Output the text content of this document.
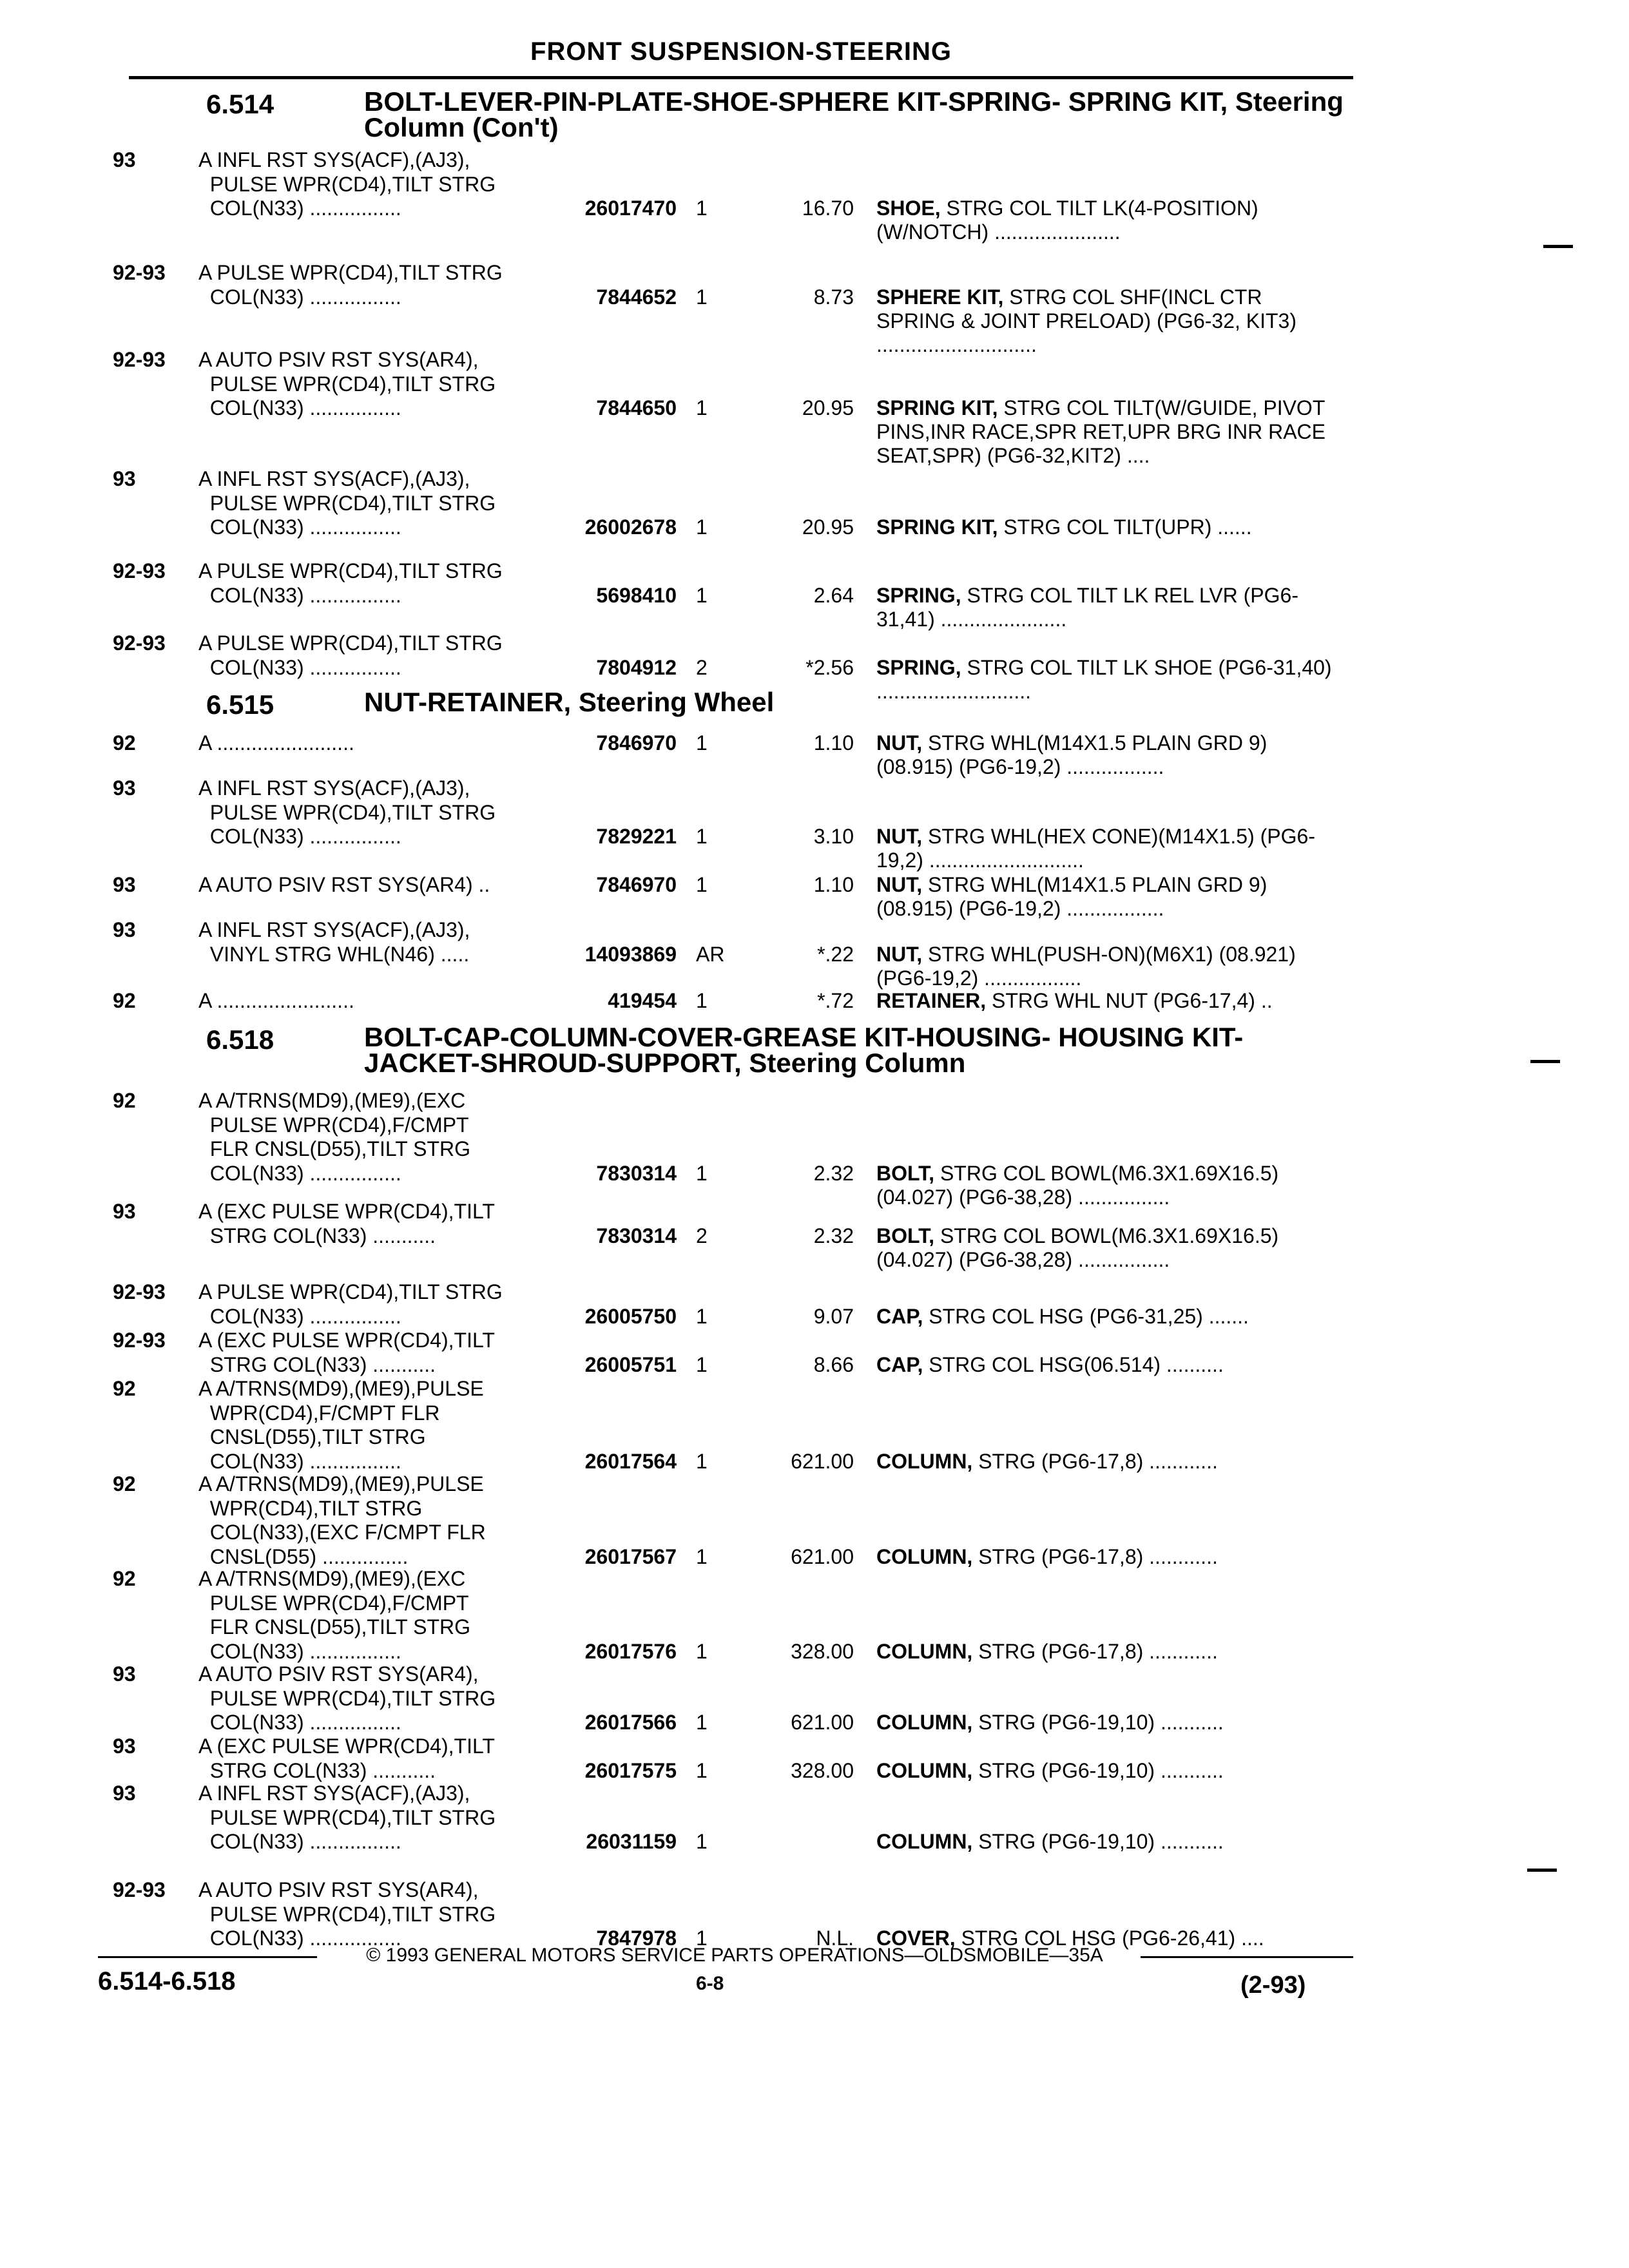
FRONT SUSPENSION-STEERING
6.514	BOLT-LEVER-PIN-PLATE-SHOE-SPHERE KIT-SPRING- SPRING KIT, Steering Column (Con't)
93	A INFL RST SYS(ACF),(AJ3),
PULSE WPR(CD4),TILT STRG
COL(N33) ................	26017470 1	16.70 SHOE, STRG COL TILT LK(4-POSITION) (W/NOTCH) ......................
92-93	A PULSE WPR(CD4),TILT STRG
COL(N33) ................	7844652 1	8.73 SPHERE KIT, STRG COL SHF(INCL CTR SPRING & JOINT PRELOAD) (PG6-32, KIT3) ............................
92-93	A AUTO PSIV RST SYS(AR4),
PULSE WPR(CD4),TILT STRG
COL(N33) ................	7844650 1	20.95 SPRING KIT, STRG COL TILT(W/GUIDE, PIVOT PINS,INR RACE,SPR RET,UPR BRG INR RACE SEAT,SPR) (PG6-32,KIT2) ....
93	A INFL RST SYS(ACF),(AJ3),
PULSE WPR(CD4),TILT STRG
COL(N33) ................	26002678 1	20.95 SPRING KIT, STRG COL TILT(UPR) ......
92-93	A PULSE WPR(CD4),TILT STRG
COL(N33) ................	5698410 1	2.64 SPRING, STRG COL TILT LK REL LVR (PG6-31,41) ......................
92-93	A PULSE WPR(CD4),TILT STRG
COL(N33) ................	7804912 2	*2.56 SPRING, STRG COL TILT LK SHOE (PG6-31,40) ...........................
6.515	NUT-RETAINER, Steering Wheel
92	A ........................	7846970 1	1.10 NUT, STRG WHL(M14X1.5 PLAIN GRD 9) (08.915) (PG6-19,2) .................
93	A INFL RST SYS(ACF),(AJ3),
PULSE WPR(CD4),TILT STRG
COL(N33) ................	7829221 1	3.10 NUT, STRG WHL(HEX CONE)(M14X1.5) (PG6-19,2) ...........................
93	A AUTO PSIV RST SYS(AR4) ..	7846970 1	1.10 NUT, STRG WHL(M14X1.5 PLAIN GRD 9) (08.915) (PG6-19,2) .................
93	A INFL RST SYS(ACF),(AJ3),
VINYL STRG WHL(N46) .....	14093869 AR	*.22 NUT, STRG WHL(PUSH-ON)(M6X1) (08.921) (PG6-19,2) .................
92	A ........................	419454 1	*.72 RETAINER, STRG WHL NUT (PG6-17,4) ..
6.518	BOLT-CAP-COLUMN-COVER-GREASE KIT-HOUSING- HOUSING KIT-JACKET-SHROUD-SUPPORT, Steering Column
92	A A/TRNS(MD9),(ME9),(EXC
PULSE WPR(CD4),F/CMPT
FLR CNSL(D55),TILT STRG
COL(N33) ................	7830314 1	2.32 BOLT, STRG COL BOWL(M6.3X1.69X16.5) (04.027) (PG6-38,28) ................
93	A (EXC PULSE WPR(CD4),TILT
STRG COL(N33) ...........	7830314 2	2.32 BOLT, STRG COL BOWL(M6.3X1.69X16.5) (04.027) (PG6-38,28) ................
92-93	A PULSE WPR(CD4),TILT STRG
COL(N33) ................	26005750 1	9.07 CAP, STRG COL HSG (PG6-31,25) .......
92-93	A (EXC PULSE WPR(CD4),TILT
STRG COL(N33) ...........	26005751 1	8.66 CAP, STRG COL HSG(06.514) ..........
92	A A/TRNS(MD9),(ME9),PULSE
WPR(CD4),F/CMPT FLR
CNSL(D55),TILT STRG
COL(N33) ................	26017564 1	621.00 COLUMN, STRG (PG6-17,8) ............
92	A A/TRNS(MD9),(ME9),PULSE
WPR(CD4),TILT STRG
COL(N33),(EXC F/CMPT FLR
CNSL(D55) ...............	26017567 1	621.00 COLUMN, STRG (PG6-17,8) ............
92	A A/TRNS(MD9),(ME9),(EXC
PULSE WPR(CD4),F/CMPT
FLR CNSL(D55),TILT STRG
COL(N33) ................	26017576 1	328.00 COLUMN, STRG (PG6-17,8) ............
93	A AUTO PSIV RST SYS(AR4),
PULSE WPR(CD4),TILT STRG
COL(N33) ................	26017566 1	621.00 COLUMN, STRG (PG6-19,10) ...........
93	A (EXC PULSE WPR(CD4),TILT
STRG COL(N33) ...........	26017575 1	328.00 COLUMN, STRG (PG6-19,10) ...........
93	A INFL RST SYS(ACF),(AJ3),
PULSE WPR(CD4),TILT STRG
COL(N33) ................	26031159 1	COLUMN, STRG (PG6-19,10) ...........
92-93	A AUTO PSIV RST SYS(AR4),
PULSE WPR(CD4),TILT STRG
COL(N33) ................	7847978 1	N.L. COVER, STRG COL HSG (PG6-26,41) ....
© 1993 GENERAL MOTORS SERVICE PARTS OPERATIONS—OLDSMOBILE—35A
6.514-6.518	6-8	(2-93)
